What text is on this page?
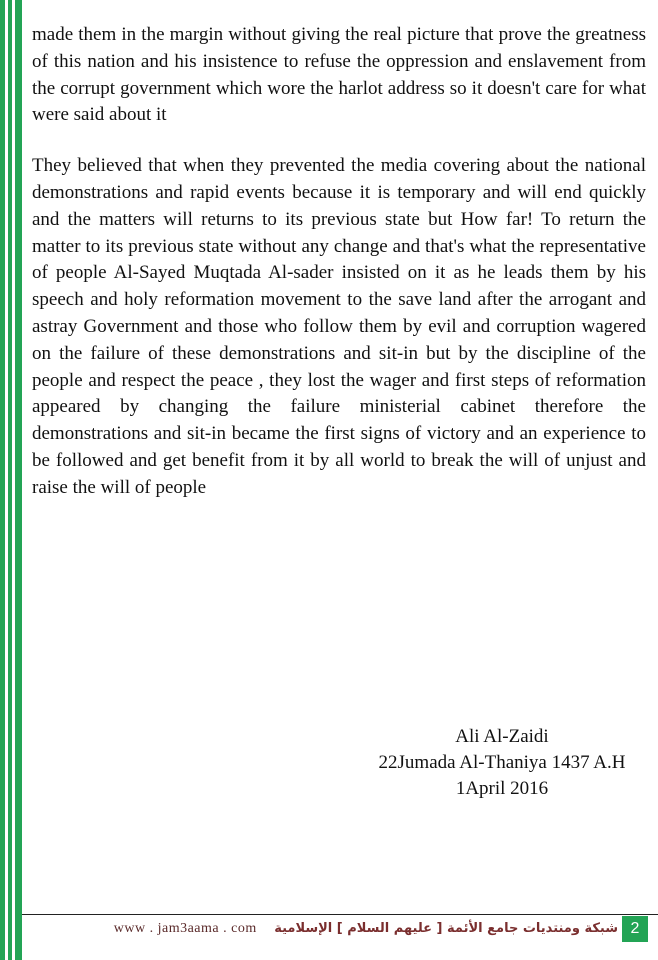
made them in the margin without giving the real picture that prove the greatness of this nation and his insistence to refuse the oppression and enslavement from the corrupt government which wore the harlot address so it doesn't care for what were said about it

They believed that when they prevented the media covering about the national demonstrations and rapid events because it is temporary and will end quickly and the matters will returns to its previous state but How far! To return the matter to its previous state without any change and that's what the representative of people Al-Sayed Muqtada Al-sader insisted on it as he leads them by his speech and holy reformation movement to the save land after the arrogant and astray Government and those who follow them by evil and corruption wagered on the failure of these demonstrations and sit-in but by the discipline of the people and respect the peace , they lost the wager and first steps of reformation appeared by changing the failure ministerial cabinet therefore the demonstrations and sit-in became the first signs of victory and an experience to be followed and get benefit from it by all world to break the will of unjust and raise the will of people

Ali Al-Zaidi
22Jumada Al-Thaniya 1437 A.H
1April 2016
www . jam3aama . com شبكة ومنتديات جامع الأئمة [ عليهم السلام ] الإسلامية 2
